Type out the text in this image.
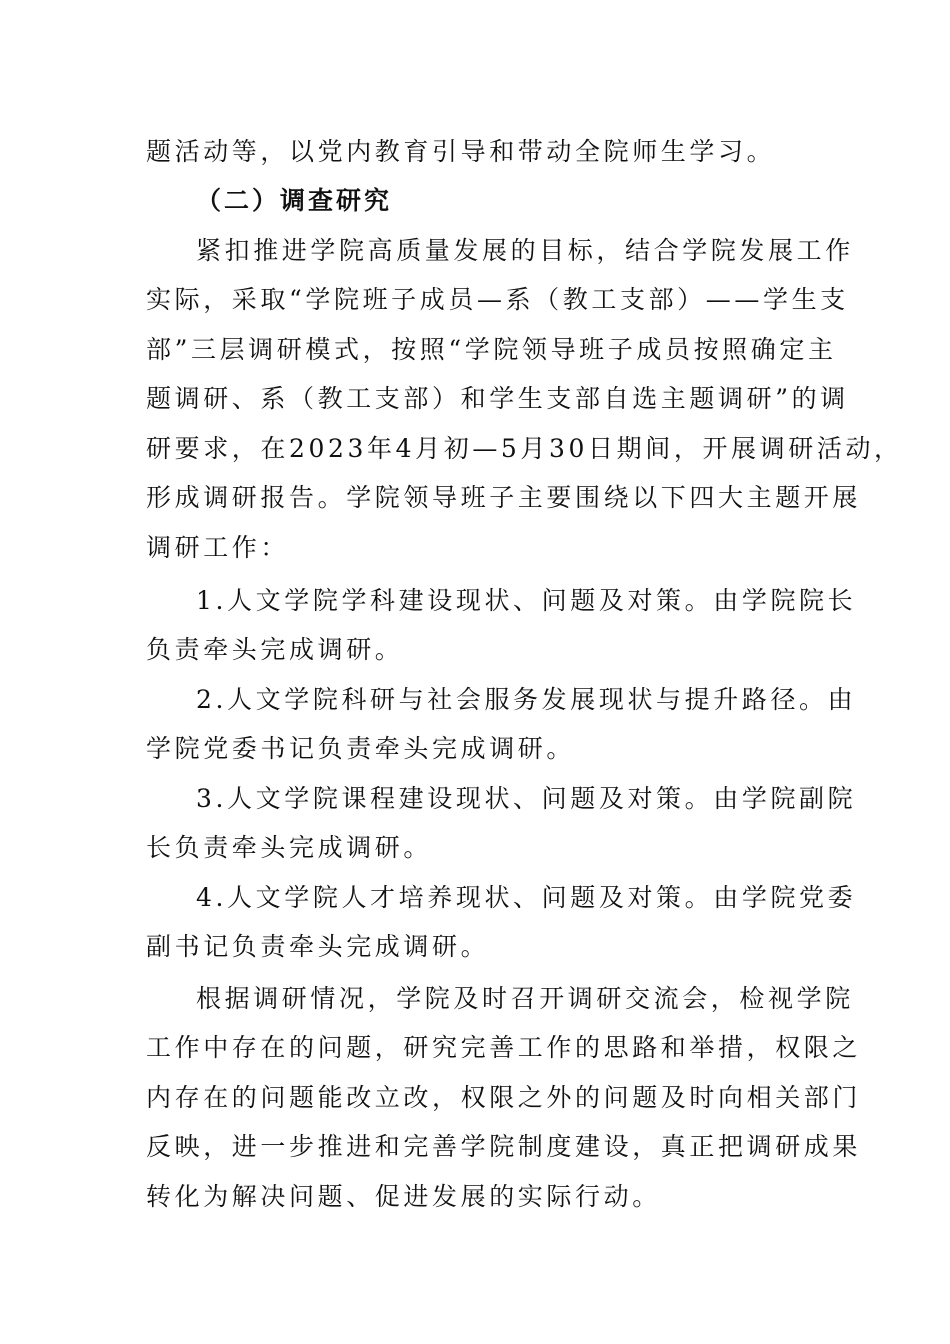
题活动等，以党内教育引导和带动全院师生学习。
（二）调查研究
紧扣推进学院高质量发展的目标，结合学院发展工作
实际，采取“学院班子成员—系（教工支部）——学生支
部”三层调研模式，按照“学院领导班子成员按照确定主
题调研、系（教工支部）和学生支部自选主题调研”的调
研要求，在2023年4月初—5月30日期间，开展调研活动，
形成调研报告。学院领导班子主要围绕以下四大主题开展
调研工作：
1.人文学院学科建设现状、问题及对策。由学院院长
负责牵头完成调研。
2.人文学院科研与社会服务发展现状与提升路径。由
学院党委书记负责牵头完成调研。
3.人文学院课程建设现状、问题及对策。由学院副院
长负责牵头完成调研。
4.人文学院人才培养现状、问题及对策。由学院党委
副书记负责牵头完成调研。
根据调研情况，学院及时召开调研交流会，检视学院
工作中存在的问题，研究完善工作的思路和举措，权限之
内存在的问题能改立改，权限之外的问题及时向相关部门
反映，进一步推进和完善学院制度建设，真正把调研成果
转化为解决问题、促进发展的实际行动。
